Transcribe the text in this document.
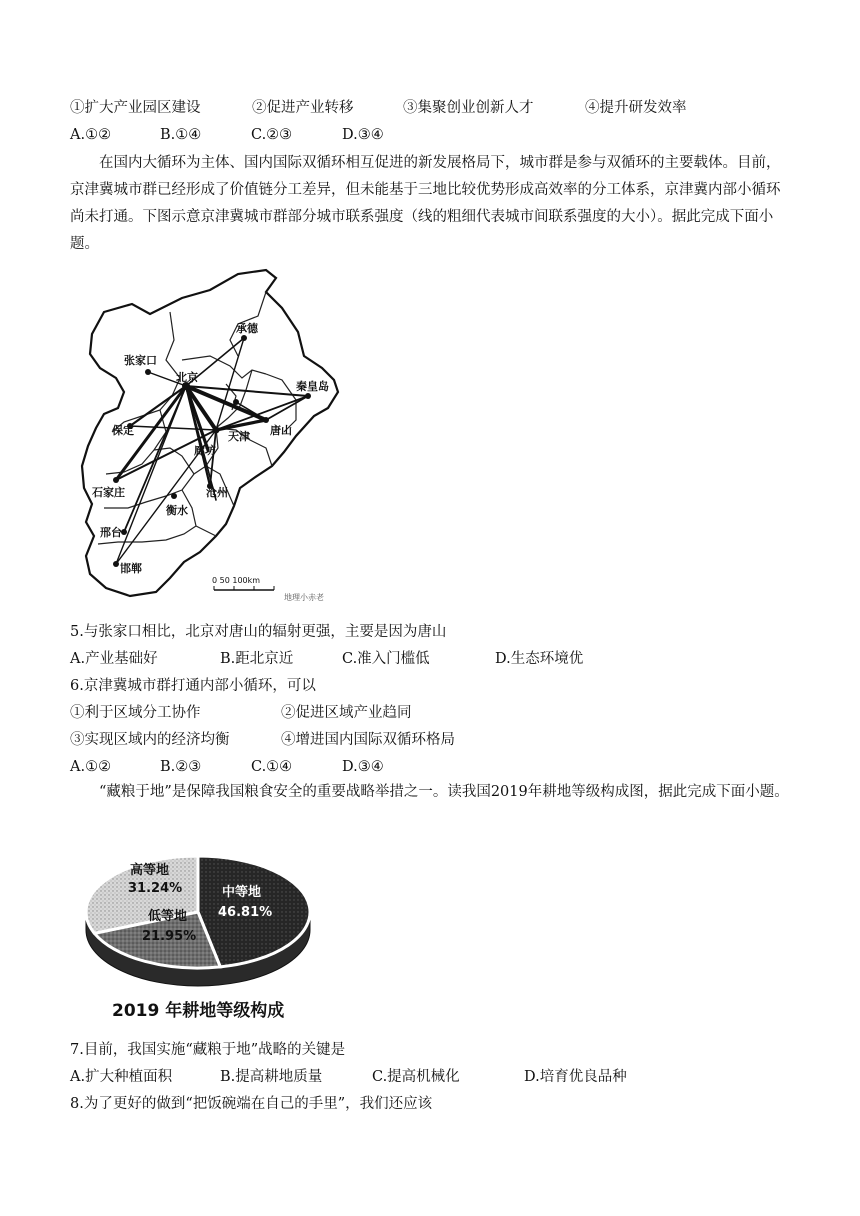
①扩大产业园区建设	②促进产业转移	③集聚创业创新人才	④提升研发效率
A.①②	B.①④	C.②③	D.③④
在国内大循环为主体、国内国际双循环相互促进的新发展格局下，城市群是参与双循环的主要载体。目前，京津冀城市群已经形成了价值链分工差异，但未能基于三地比较优势形成高效率的分工体系，京津冀内部小循环尚未打通。下图示意京津冀城市群部分城市联系强度（线的粗细代表城市间联系强度的大小）。据此完成下面小题。
承德
张家口
北京
秦皇岛
保定	唐山
天津
廊坊
石家庄	沧州
衡水
邢台
邯郸
0 50 100km
地理小赤老
5.与张家口相比，北京对唐山的辐射更强，主要是因为唐山
A.产业基础好	B.距北京近	C.准入门槛低	D.生态环境优
6.京津冀城市群打通内部小循环，可以
①利于区域分工协作	②促进区域产业趋同
③实现区域内的经济均衡	④增进国内国际双循环格局
A.①②	B.②③	C.①④	D.③④
“藏粮于地”是保障我国粮食安全的重要战略举措之一。读我国2019年耕地等级构成图，据此完成下面小题。
高等地
31.24%	中等地
46.81%
低等地
21.95%
2019 年耕地等级构成
7.目前，我国实施“藏粮于地”战略的关键是
A.扩大种植面积	B.提高耕地质量	C.提高机械化	D.培育优良品种
8.为了更好的做到“把饭碗端在自己的手里”，我们还应该
